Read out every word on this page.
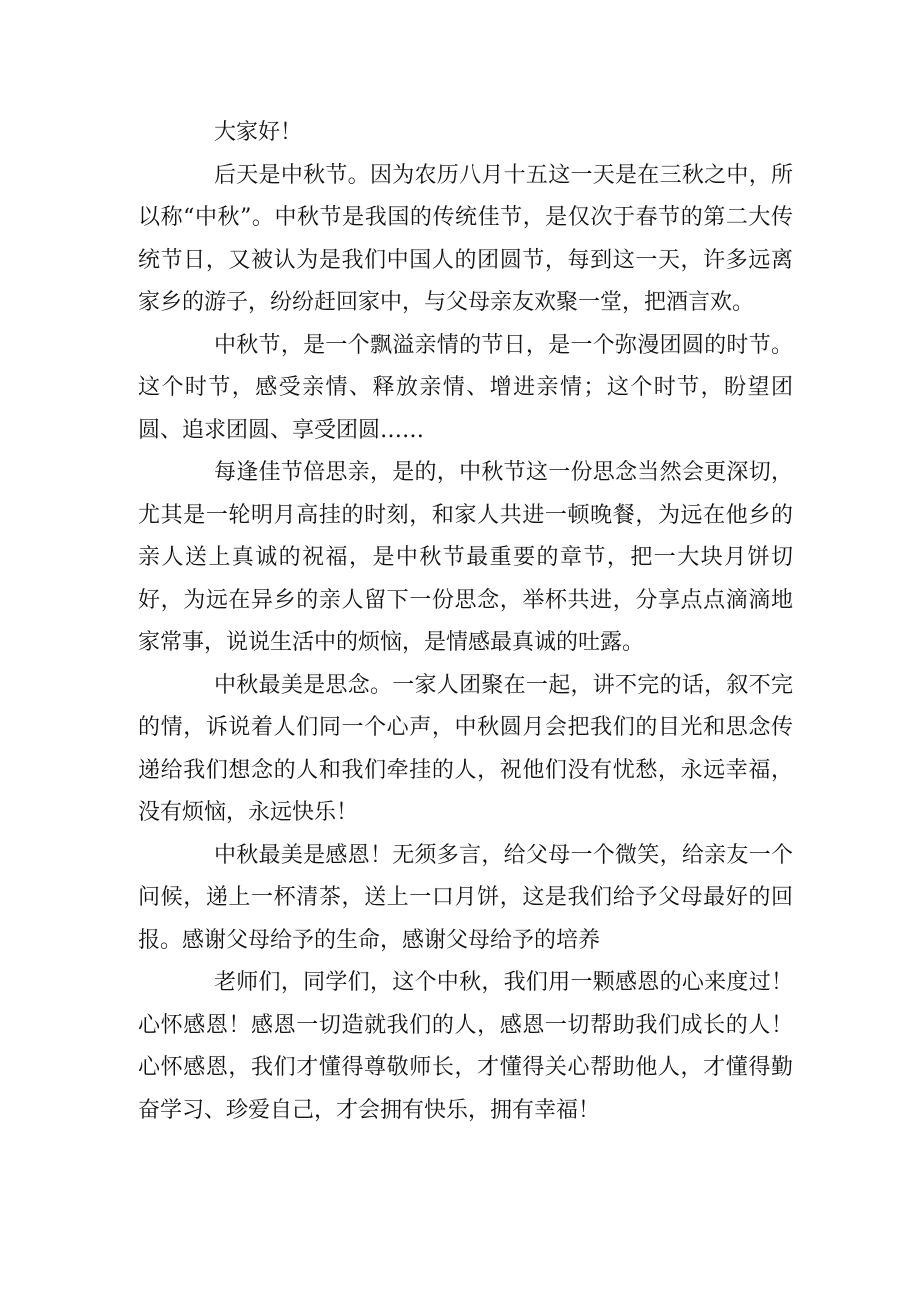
大家好！

后天是中秋节。因为农历八月十五这一天是在三秋之中，所以称“中秋”。中秋节是我国的传统佳节，是仅次于春节的第二大传统节日，又被认为是我们中国人的团圆节，每到这一天，许多远离家乡的游子，纷纷赶回家中，与父母亲友欢聚一堂，把酒言欢。

中秋节，是一个飘溢亲情的节日，是一个弥漫团圆的时节。这个时节，感受亲情、释放亲情、增进亲情；这个时节，盼望团圆、追求团圆、享受团圆……

每逢佳节倍思亲，是的，中秋节这一份思念当然会更深切，尤其是一轮明月高挂的时刻，和家人共进一顿晚餐，为远在他乡的亲人送上真诚的祝福，是中秋节最重要的章节，把一大块月饼切好，为远在异乡的亲人留下一份思念，举杯共进，分享点点滴滴地家常事，说说生活中的烦恼，是情感最真诚的吐露。

中秋最美是思念。一家人团聚在一起，讲不完的话，叙不完的情，诉说着人们同一个心声，中秋圆月会把我们的目光和思念传递给我们想念的人和我们牵挂的人，祝他们没有忧愁，永远幸福，没有烦恼，永远快乐！

中秋最美是感恩！无须多言，给父母一个微笑，给亲友一个问候，递上一杯清茶，送上一口月饼，这是我们给予父母最好的回报。感谢父母给予的生命，感谢父母给予的培养

老师们，同学们，这个中秋，我们用一颗感恩的心来度过！心怀感恩！感恩一切造就我们的人，感恩一切帮助我们成长的人！心怀感恩，我们才懂得尊敬师长，才懂得关心帮助他人，才懂得勤奋学习、珍爱自己，才会拥有快乐，拥有幸福！
